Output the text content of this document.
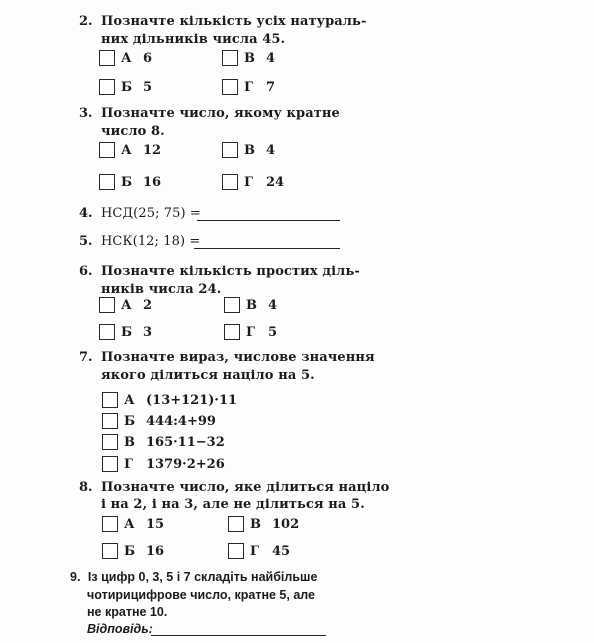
2. Позначте кількість усіх натураль-
них дільників числа 45.
А 6	В 4
Б 5	Г	7
3. Позначте число, якому кратне
число 8.
А 12	В 4
Б 16	Г	24
4. НСД(25; 75) =
5. НСК(12; 18) =
6. Позначте кількість простих діль-
ників числа 24.
А 2	В 4
Б 3	Г	5
7. Позначте вираз, числове значення
якого ділиться націло на 5.
А (13+121)·11
Б 444:4+99
В 165·11−32
Г	1379·2+26
8. Позначте число, яке ділиться націло
і на 2, і на 3, але не ділиться на 5.
А 15	В 102
Б 16	Г	45
9. Із цифр 0, 3, 5 і 7 складіть найбільше
чотирицифрове число, кратне 5, але
не кратне 10.
Відповідь:
